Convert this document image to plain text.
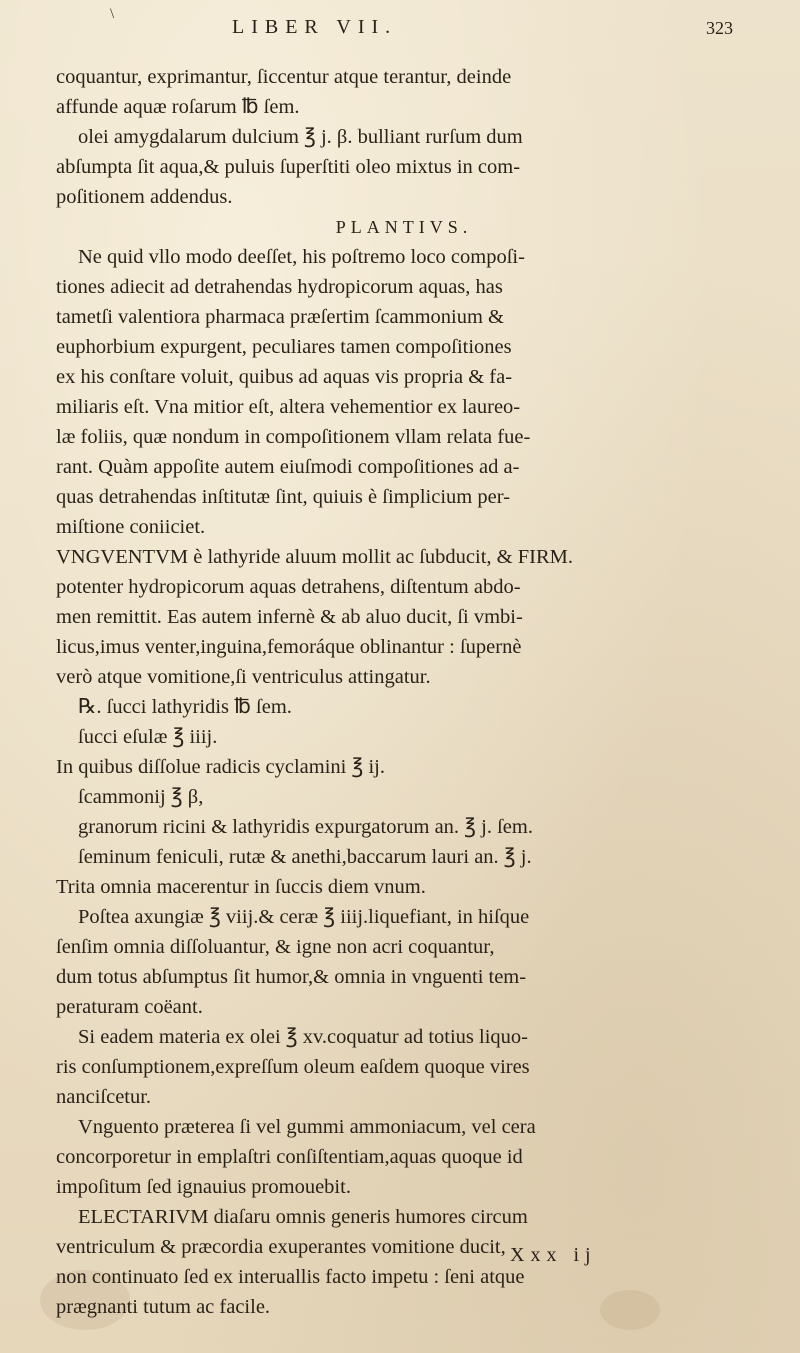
\
LIBER VII.	323
coquantur, exprimantur, ſiccentur atque terantur, deinde
affunde aquæ roſarum ℔ ſem.
olei amygdalarum dulcium ℥ j. β. bulliant rurſum dum
abſumpta ſit aqua,& puluis ſuperſtiti oleo mixtus in com-
poſitionem addendus.
PLANTIVS.
Ne quid vllo modo deeſſet, his poſtremo loco compoſi-
tiones adiecit ad detrahendas hydropicorum aquas, has
tametſi valentiora pharmaca præſertim ſcammonium &
euphorbium expurgent, peculiares tamen compoſitiones
ex his conſtare voluit, quibus ad aquas vis propria & fa-
miliaris eſt. Vna mitior eſt, altera vehementior ex laureo-
læ foliis, quæ nondum in compoſitionem vllam relata fue-
rant. Quàm appoſite autem eiuſmodi compoſitiones ad a-
quas detrahendas inſtitutæ ſint, quiuis è ſimplicium per-
miſtione coniiciet.
VNGVENTVM è lathyride aluum mollit ac ſubducit, & FIRM.
potenter hydropicorum aquas detrahens, diſtentum abdo-
men remittit. Eas autem infernè & ab aluo ducit, ſi vmbi-
licus,imus venter,inguina,femoráque oblinantur : ſupernè
verò atque vomitione,ſi ventriculus attingatur.
℞. ſucci lathyridis ℔ ſem.
ſucci eſulæ ℥ iiij.
In quibus diſſolue radicis cyclamini ℥ ij.
ſcammonij ℥ β,
granorum ricini & lathyridis expurgatorum an. ℥ j. ſem.
ſeminum feniculi, rutæ & anethi,baccarum lauri an. ℥ j.
Trita omnia macerentur in ſuccis diem vnum.
Poſtea axungiæ ℥ viij.& ceræ ℥ iiij.liquefiant, in hiſque
ſenſim omnia diſſoluantur, & igne non acri coquantur,
dum totus abſumptus ſit humor,& omnia in vnguenti tem-
peraturam coëant.
Si eadem materia ex olei ℥ xv.coquatur ad totius liquo-
ris conſumptionem,expreſſum oleum eaſdem quoque vires
nanciſcetur.
Vnguento præterea ſi vel gummi ammoniacum, vel cera
concorporetur in emplaſtri conſiſtentiam,aquas quoque id
impoſitum ſed ignauius promouebit.
ELECTARIVM diaſaru omnis generis humores circum
ventriculum & præcordia exuperantes vomitione ducit,
non continuato ſed ex interuallis facto impetu : ſeni atque
prægnanti tutum ac facile.
Xxx ij
